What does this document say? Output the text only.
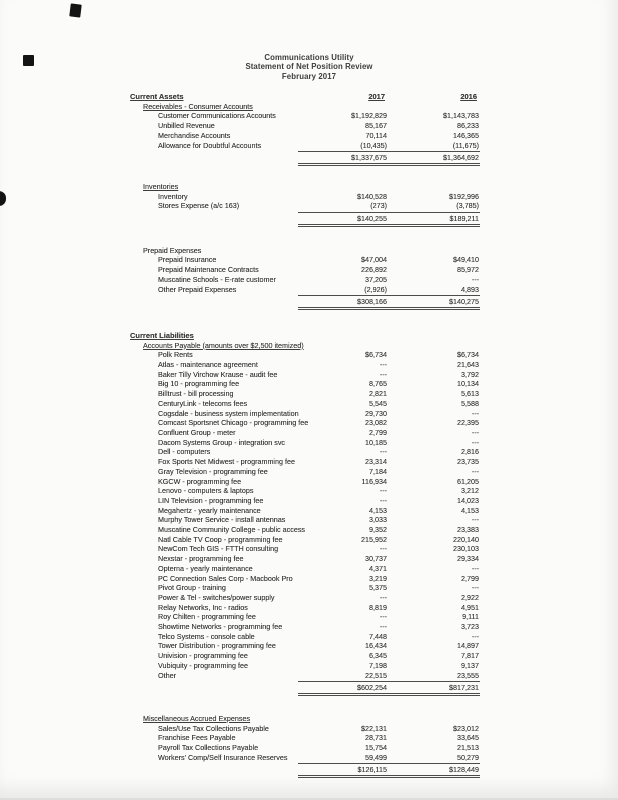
Communications Utility
Statement of Net Position Review
February 2017
Current Assets	2017	2016
Receivables - Consumer Accounts
Customer Communications Accounts	$1,192,829	$1,143,783
Unbilled Revenue	85,167	86,233
Merchandise Accounts	70,114	146,365
Allowance for Doubtful Accounts	(10,435)	(11,675)
$1,337,675	$1,364,692
Inventories
Inventory	$140,528	$192,996
Stores Expense (a/c 163)	(273)	(3,785)
$140,255	$189,211
Prepaid Expenses
Prepaid Insurance	$47,004	$49,410
Prepaid Maintenance Contracts	226,892	85,972
Muscatine Schools - E-rate customer	37,205	---
Other Prepaid Expenses	(2,926)	4,893
$308,166	$140,275
Current Liabilities
Accounts Payable (amounts over $2,500 itemized)
Polk Rents	$6,734	$6,734
Atlas - maintenance agreement	---	21,643
Baker Tilly Virchow Krause - audit fee	---	3,792
Big 10 - programming fee	8,765	10,134
Billtrust - bill processing	2,821	5,613
CenturyLink - telecoms fees	5,545	5,588
Cogsdale - business system implementation	29,730	---
Comcast Sportsnet Chicago - programming fee	23,082	22,395
Confluent Group - meter	2,799	---
Dacom Systems Group - integration svc	10,185	---
Dell - computers	---	2,816
Fox Sports Net Midwest - programming fee	23,314	23,735
Gray Television - programming fee	7,184	---
KGCW - programming fee	116,934	61,205
Lenovo - computers & laptops	---	3,212
LIN Television - programming fee	---	14,023
Megahertz - yearly maintenance	4,153	4,153
Murphy Tower Service - install antennas	3,033	---
Muscatine Community College - public access	9,352	23,383
Natl Cable TV Coop - programming fee	215,952	220,140
NewCom Tech GIS - FTTH consulting	---	230,103
Nexstar - programming fee	30,737	29,334
Opterna - yearly maintenance	4,371	---
PC Connection Sales Corp - Macbook Pro	3,219	2,799
Pivot Group - training	5,375	---
Power & Tel - switches/power supply	---	2,922
Relay Networks, Inc - radios	8,819	4,951
Roy Chilten - programming fee	---	9,111
Showtime Networks - programming fee	---	3,723
Telco Systems - console cable	7,448	---
Tower Distribution - programming fee	16,434	14,897
Univision - programming fee	6,345	7,817
Vubiquity - programming fee	7,198	9,137
Other	22,515	23,555
$602,254	$817,231
Miscellaneous Accrued Expenses
Sales/Use Tax Collections Payable	$22,131	$23,012
Franchise Fees Payable	28,731	33,645
Payroll Tax Collections Payable	15,754	21,513
Workers' Comp/Self Insurance Reserves	59,499	50,279
$126,115	$128,449
